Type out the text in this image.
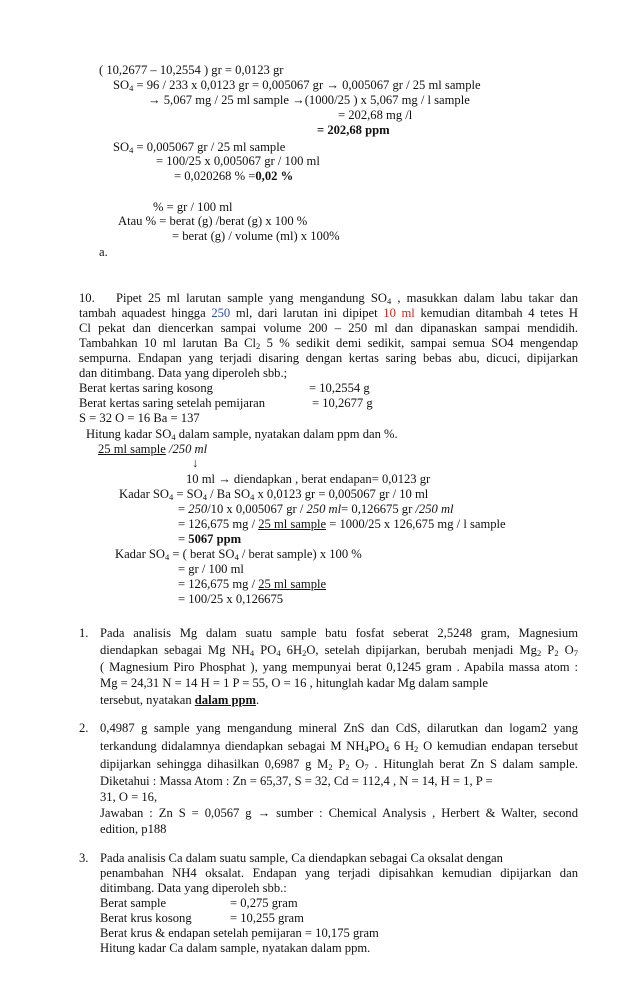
( 10,2677 – 10,2554 ) gr = 0,0123 gr
$SO_4 = 96 / 233$ x 0,0123 gr = 0,005067 gr → 0,005067 gr / 25 ml sample
→ 5,067 mg / 25 ml sample →(1000/25 ) x 5,067 mg / l sample
= 202,68 mg /l
= 202,68 ppm
$SO_4 = 0,005067$ gr / 25 ml sample
= 100/25 x 0,005067 gr / 100 ml
= 0,020268 % =0,02 %
% = gr / 100 ml
Atau % = berat (g) /berat (g) x 100 %
= berat (g) / volume (ml) x 100%
a.
10. Pipet 25 ml larutan sample yang mengandung $SO_4$ , masukkan dalam labu takar dan
tambah aquadest hingga 250 ml, dari larutan ini dipipet 10 ml kemudian ditambah 4 tetes H
Cl pekat dan diencerkan sampai volume 200 – 250 ml dan dipanaskan sampai mendidih.
Tambahkan 10 ml larutan Ba $Cl_2$ 5 % sedikit demi sedikit, sampai semua SO4 mengendap
sempurna. Endapan yang terjadi disaring dengan kertas saring bebas abu, dicuci, dipijarkan
dan ditimbang. Data yang diperoleh sbb.;
Berat kertas saring kosong	= 10,2554 g
Berat kertas saring setelah pemijaran	= 10,2677 g
S = 32 O = 16 Ba = 137
Hitung kadar $SO_4$ dalam sample, nyatakan dalam ppm dan %.
25 ml sample /250 ml
↓
10 ml → diendapkan , berat endapan= 0,0123 gr
Kadar $SO_4 = SO_4 / Ba$ $SO_4$ x 0,0123 gr = 0,005067 gr / 10 ml
= 250/10 x 0,005067 gr / 250 ml= 0,126675 gr /250 ml
= 126,675 mg / 25 ml sample = 1000/25 x 126,675 mg / l sample
= 5067 ppm
Kadar $SO_4$ = ( berat $SO_4$ / berat sample) x 100 %
= gr / 100 ml
= 126,675 mg / 25 ml sample
= 100/25 x 0,126675
1. Pada analisis Mg dalam suatu sample batu fosfat seberat 2,5248 gram, Magnesium
diendapkan sebagai Mg $NH_4$ $PO_4$ $6H_2O$, setelah dipijarkan, berubah menjadi $Mg_2$ $P_2$ $O_7$
( Magnesium Piro Phosphat ), yang mempunyai berat 0,1245 gram . Apabila massa atom :
Mg = 24,31 N = 14 H = 1 P = 55, O = 16 , hitunglah kadar Mg dalam sample
tersebut, nyatakan dalam ppm.
2. 0,4987 g sample yang mengandung mineral ZnS dan CdS, dilarutkan dan logam2 yang
terkandung didalamnya diendapkan sebagai M $NH_4PO_4$ 6 $H_2$ O kemudian endapan tersebut
dipijarkan sehingga dihasilkan 0,6987 g $M_2$ $P_2$ $O_7$ . Hitunglah berat Zn S dalam sample.
Diketahui : Massa Atom : Zn = 65,37, S = 32, Cd = 112,4 , N = 14, H = 1, P =
31, O = 16,
Jawaban : Zn S = 0,0567 g → sumber : Chemical Analysis , Herbert & Walter, second
edition, p188
3. Pada analisis Ca dalam suatu sample, Ca diendapkan sebagai Ca oksalat dengan
penambahan NH4 oksalat. Endapan yang terjadi dipisahkan kemudian dipijarkan dan
ditimbang. Data yang diperoleh sbb.:
Berat sample	= 0,275 gram
Berat krus kosong	= 10,255 gram
Berat krus & endapan setelah pemijaran = 10,175 gram
Hitung kadar Ca dalam sample, nyatakan dalam ppm.
